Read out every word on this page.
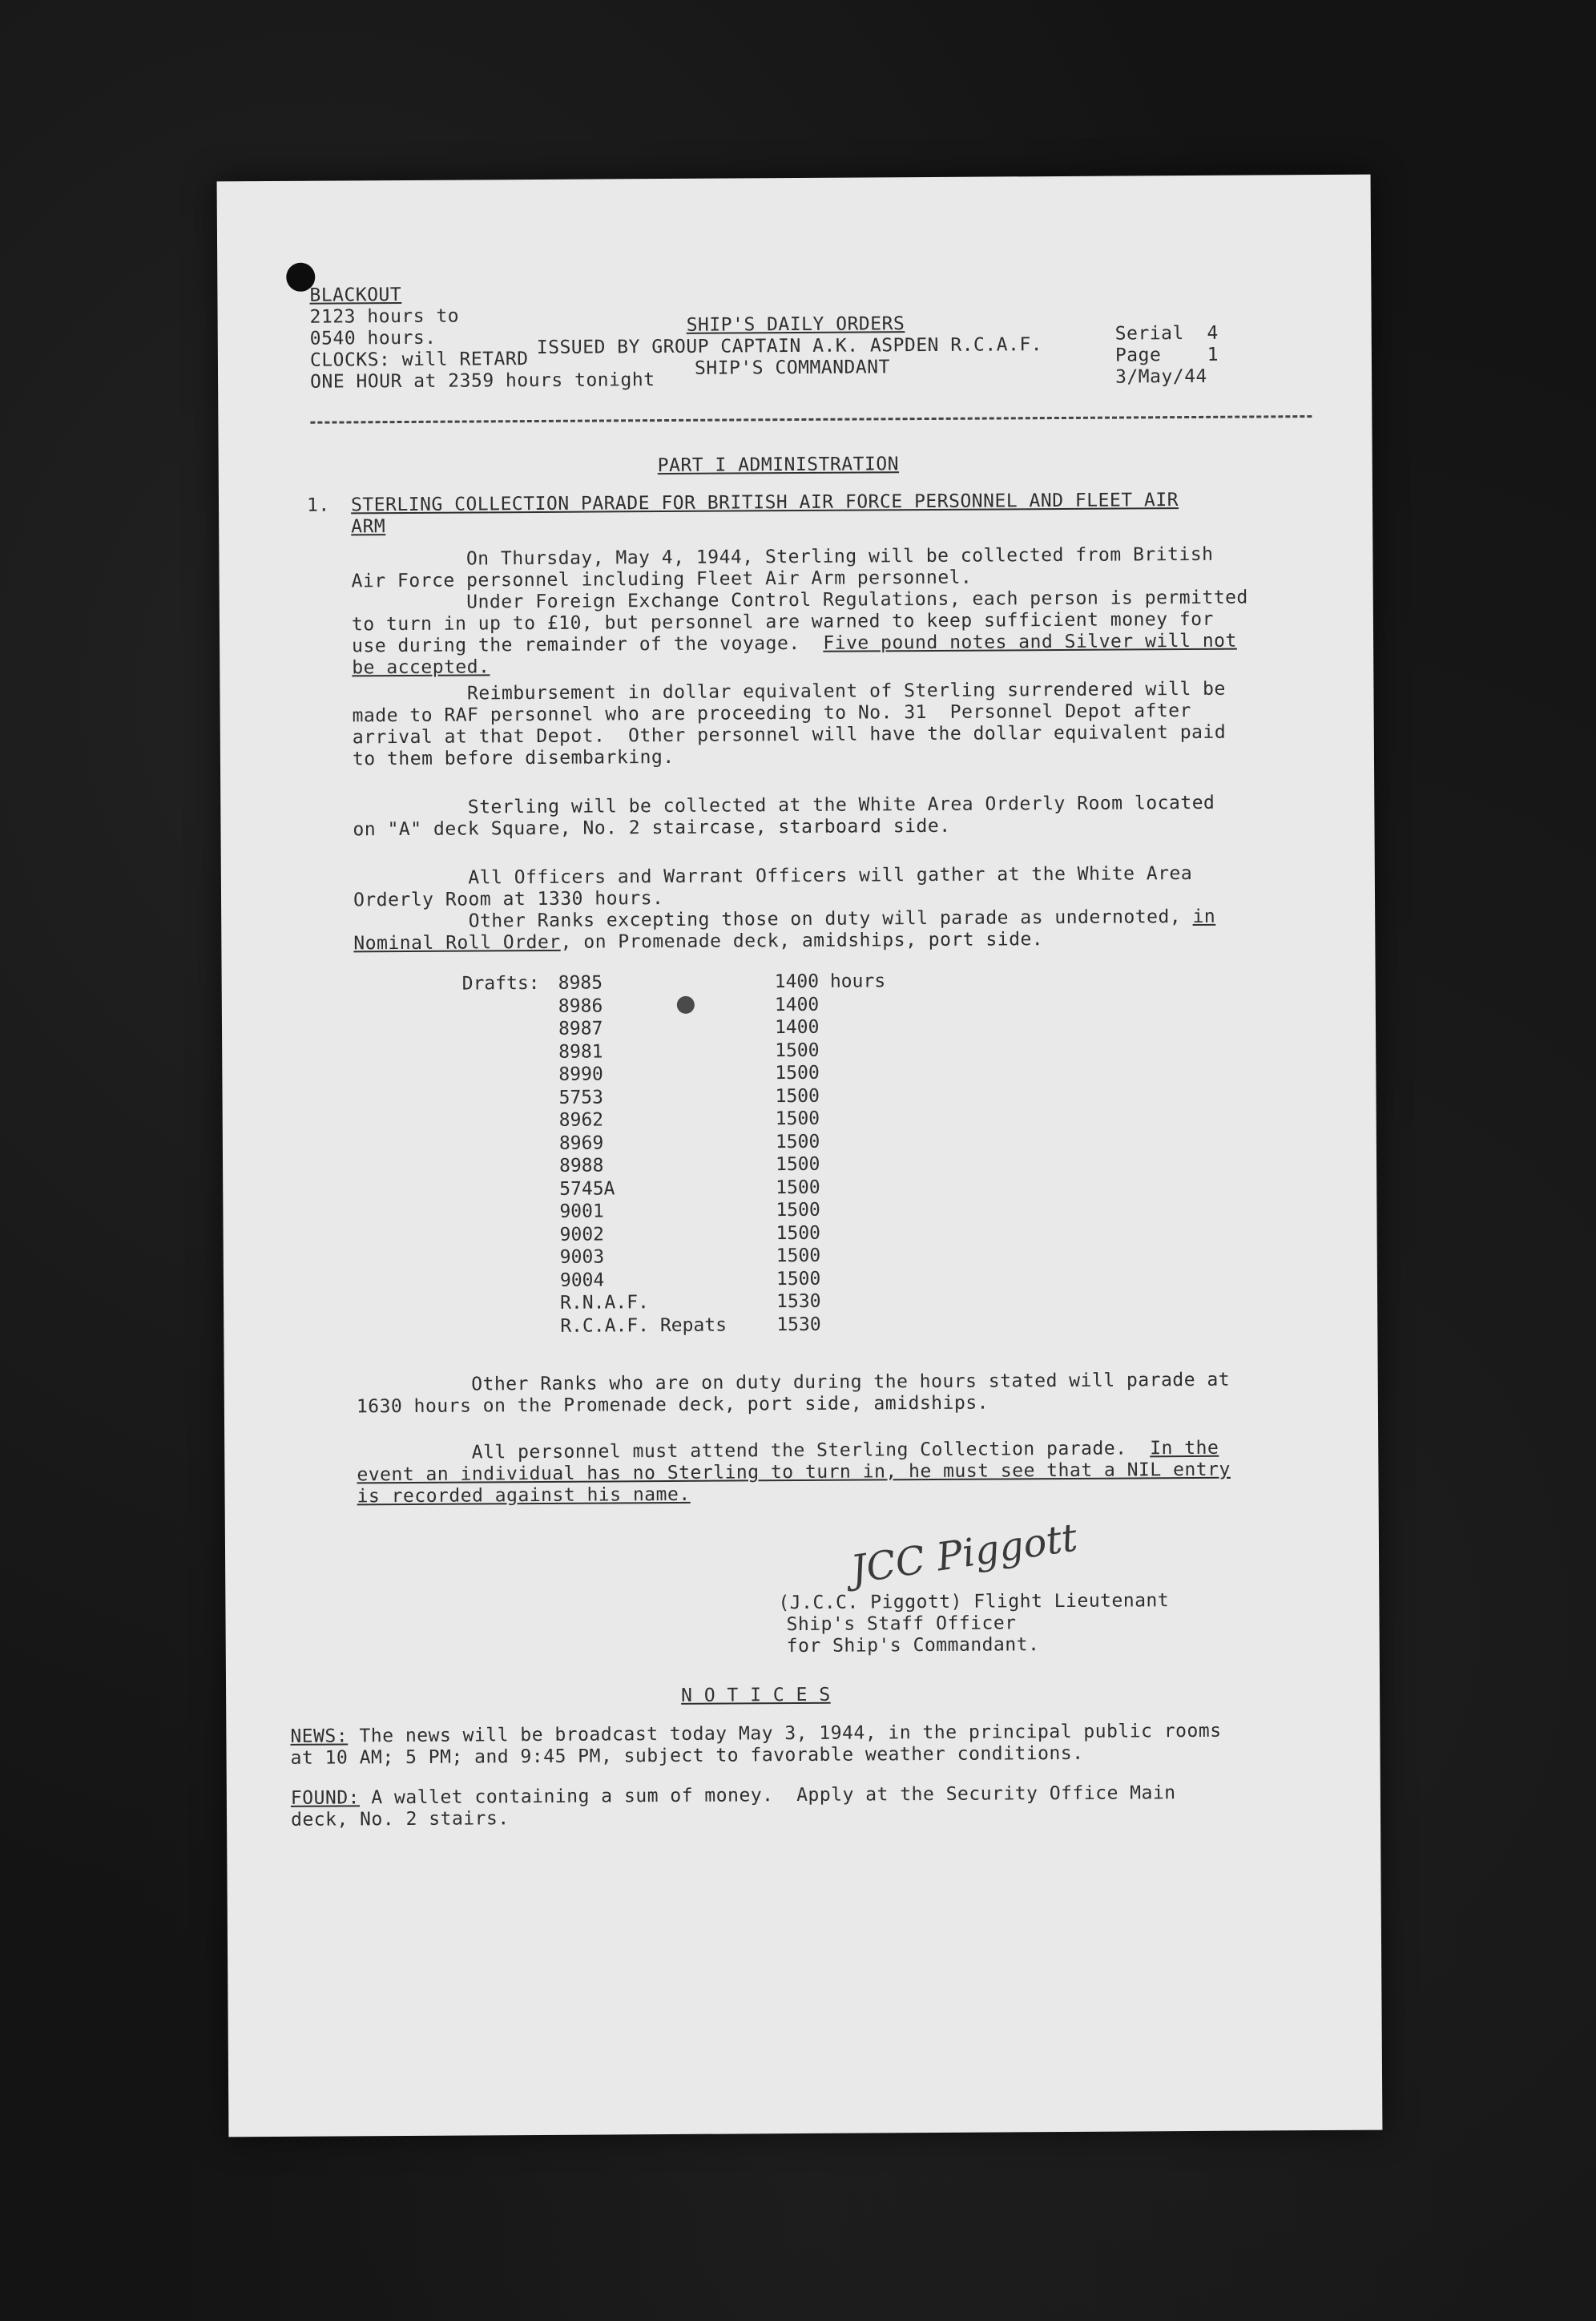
BLACKOUT
2123 hours to
0540 hours.
CLOCKS: will RETARD
ONE HOUR at 2359 hours tonight
SHIP'S DAILY ORDERS
ISSUED BY GROUP CAPTAIN A.K. ASPDEN R.C.A.F.
SHIP'S COMMANDANT
Serial  4
Page    1
3/May/44
PART I ADMINISTRATION
1. STERLING COLLECTION PARADE FOR BRITISH AIR FORCE PERSONNEL AND FLEET AIR
ARM
On Thursday, May 4, 1944, Sterling will be collected from British
Air Force personnel including Fleet Air Arm personnel.
Under Foreign Exchange Control Regulations, each person is permitted
to turn in up to £10, but personnel are warned to keep sufficient money for
use during the remainder of the voyage.  Five pound notes and Silver will not
be accepted.
Reimbursement in dollar equivalent of Sterling surrendered will be
made to RAF personnel who are proceeding to No. 31  Personnel Depot after
arrival at that Depot.  Other personnel will have the dollar equivalent paid
to them before disembarking.
Sterling will be collected at the White Area Orderly Room located
on "A" deck Square, No. 2 staircase, starboard side.
All Officers and Warrant Officers will gather at the White Area
Orderly Room at 1330 hours.
Other Ranks excepting those on duty will parade as undernoted, in
Nominal Roll Order, on Promenade deck, amidships, port side.
Drafts: 8985	1400 hours
8986	1400
8987	1400
8981	1500
8990	1500
5753	1500
8962	1500
8969	1500
8988	1500
5745A	1500
9001	1500
9002	1500
9003	1500
9004	1500
R.N.A.F.	1530
R.C.A.F. Repats	1530
Other Ranks who are on duty during the hours stated will parade at
1630 hours on the Promenade deck, port side, amidships.
All personnel must attend the Sterling Collection parade.  In the
event an individual has no Sterling to turn in, he must see that a NIL entry
is recorded against his name.
JCC Piggott
(J.C.C. Piggott) Flight Lieutenant
Ship's Staff Officer
for Ship's Commandant.
N O T I C E S
NEWS: The news will be broadcast today May 3, 1944, in the principal public rooms
at 10 AM; 5 PM; and 9:45 PM, subject to favorable weather conditions.
FOUND: A wallet containing a sum of money.  Apply at the Security Office Main
deck, No. 2 stairs.
